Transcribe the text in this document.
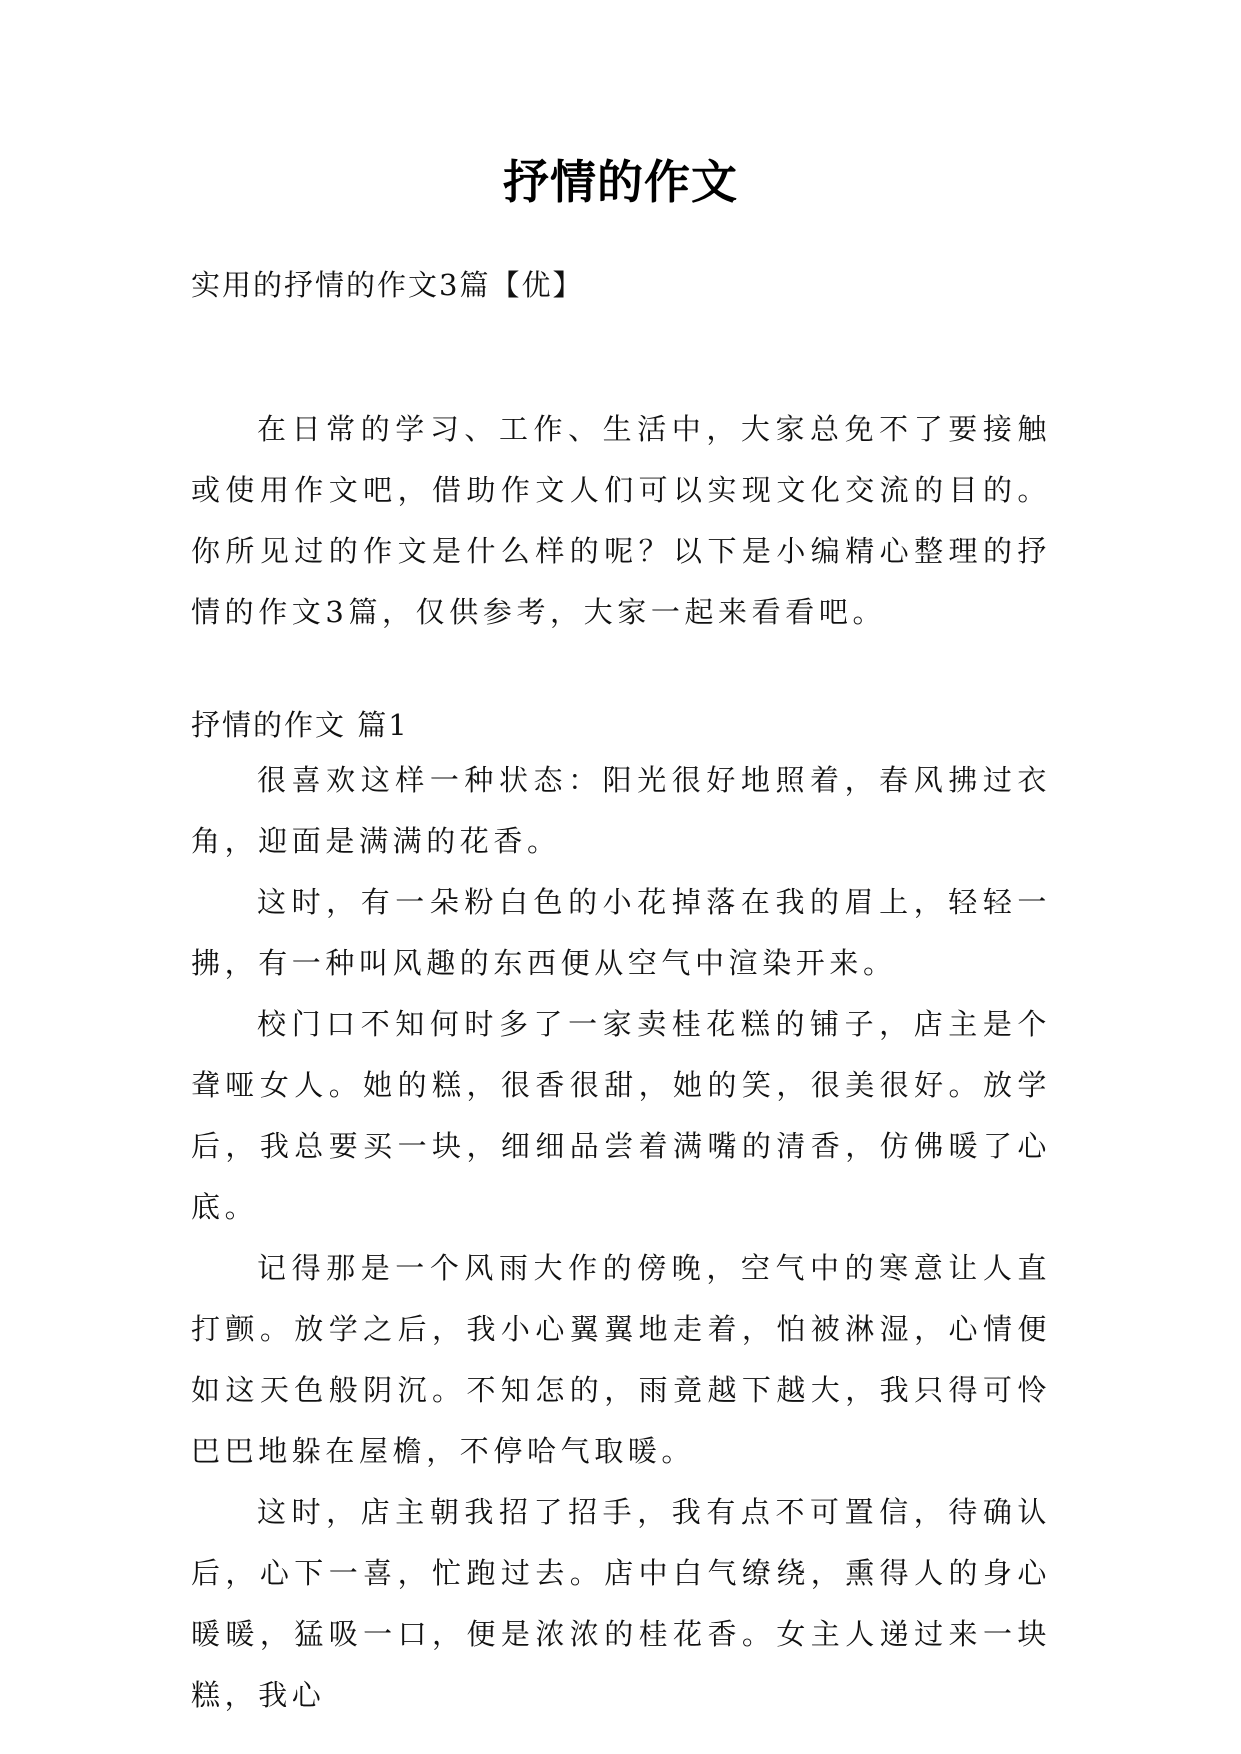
抒情的作文
实用的抒情的作文3篇【优】

在日常的学习、工作、生活中，大家总免不了要接触或使用作文吧，借助作文人们可以实现文化交流的目的。你所见过的作文是什么样的呢？以下是小编精心整理的抒情的作文3篇，仅供参考，大家一起来看看吧。

抒情的作文 篇1

很喜欢这样一种状态：阳光很好地照着，春风拂过衣角，迎面是满满的花香。

这时，有一朵粉白色的小花掉落在我的眉上，轻轻一拂，有一种叫风趣的东西便从空气中渲染开来。

校门口不知何时多了一家卖桂花糕的铺子，店主是个聋哑女人。她的糕，很香很甜，她的笑，很美很好。放学后，我总要买一块，细细品尝着满嘴的清香，仿佛暖了心底。

记得那是一个风雨大作的傍晚，空气中的寒意让人直打颤。放学之后，我小心翼翼地走着，怕被淋湿，心情便如这天色般阴沉。不知怎的，雨竟越下越大，我只得可怜巴巴地躲在屋檐，不停哈气取暖。

这时，店主朝我招了招手，我有点不可置信，待确认后，心下一喜，忙跑过去。店中白气缭绕，熏得人的身心暖暖，猛吸一口，便是浓浓的桂花香。女主人递过来一块糕，我心
